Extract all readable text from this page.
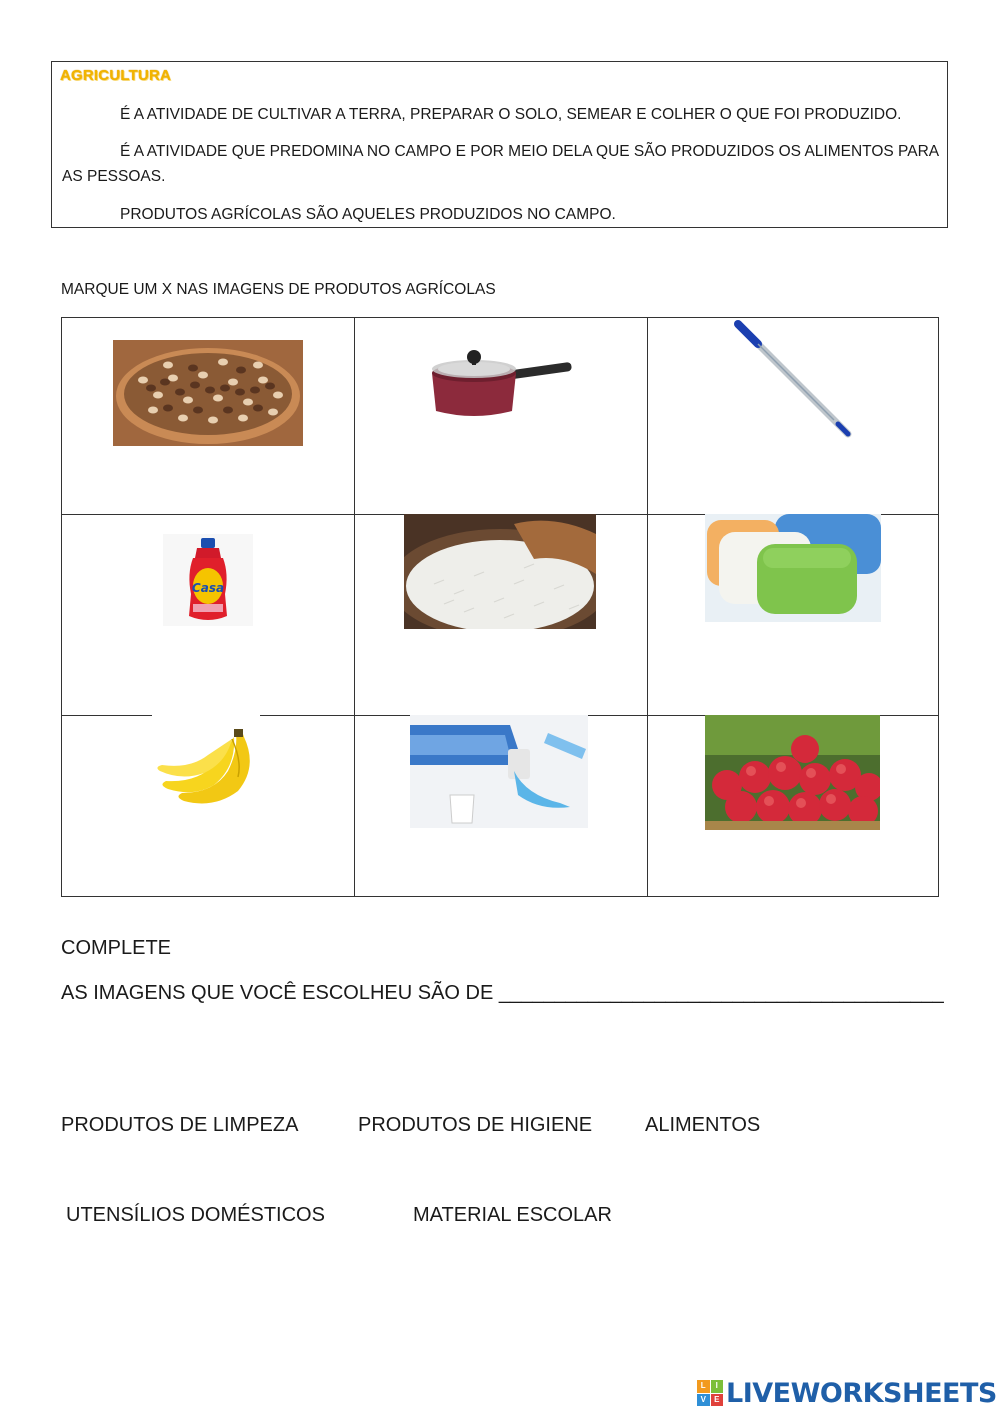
AGRICULTURA
É A ATIVIDADE DE CULTIVAR A TERRA, PREPARAR O SOLO, SEMEAR E COLHER O QUE FOI PRODUZIDO.
É A ATIVIDADE QUE PREDOMINA NO CAMPO E POR MEIO DELA QUE SÃO PRODUZIDOS OS ALIMENTOS PARA AS PESSOAS.
PRODUTOS AGRÍCOLAS SÃO AQUELES PRODUZIDOS NO CAMPO.
MARQUE UM X NAS IMAGENS DE PRODUTOS AGRÍCOLAS
Casa
COMPLETE
AS IMAGENS QUE VOCÊ ESCOLHEU SÃO DE ________________________________________
PRODUTOS DE LIMPEZA	PRODUTOS DE HIGIENE	ALIMENTOS
UTENSÍLIOS DOMÉSTICOS	MATERIAL ESCOLAR
L	I
V	E LIVEWORKSHEETS
